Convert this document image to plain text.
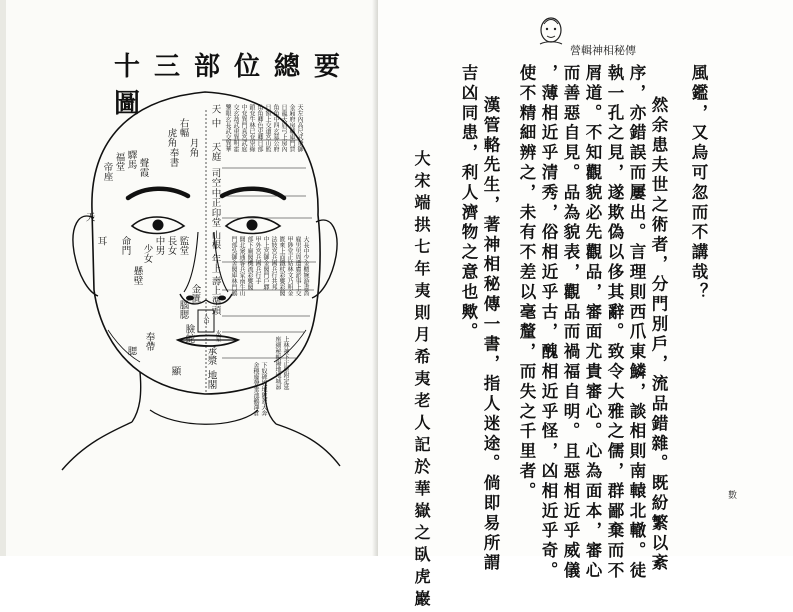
十三部位總要圖	天
中
天庭
司空
中正
印堂
山根
年上
壽上
準頭
人中
水星
承漿
地閣
右輻
虎角
月角
奉書
驛馬
福堂 聲霞
帝座
命門 少女 中男 長女 監堂
懸壁
奉帶
腦腮
顯
臉蛇
金匱
腮
耳
天
天左內高尺武輦御
金廂府房輔庫門賈
日龍天眉弓上房內
角角中四玄幕公府
日額上交道宮山監
角角卿色吏卿日部
鎖兗牛林已兗崇綠
中兗巽門真宮武庭
交玄劫武重巽明霍
鑒眼玄長武交巽華
大長中少金櫃婉游書嗇
雇男男周遭膚淤事上交
甲陟堂正姑林文乃明金
匱來上面鐵杖彩甕彩閣
法妓宮兵國兵行共邦
中上宮御金閣門戶驛
甲外宮兵國兵行手
部下廟閣機流彩甕閣
開北衆通客兵家南生山
門部吳御舍閣庫林門鵝
上林神下正原附定延
座細秘帳陽地地城昴
下奴碑坂地陂蓋大奔
舍稷廢聲垂池鵝澤倉
營輯神相秘傳
風鑑，又烏可忽而不講哉？
然余患夫世之術者，分門別戶，流品錯雜。既紛繁以紊
序，亦錯誤而屢出。言理則西爪東鱗，談相則南轅北轍。徒
執一孔之見，遂欺偽以侈其辭。致令大雅之儒，群鄙棄而不
屑道。不知觀貌必先觀品，審面尤貴審心。心為面本，審心
而善惡自見。品為貌表，觀品而禍福自明。且惡相近乎威儀
，薄相近乎清秀，俗相近乎古，醜相近乎怪，凶相近乎奇。
使不精細辨之，未有不差以毫釐，而失之千里者。
漢管輅先生，著神相秘傳一書，指人迷途。倘即易所謂
吉凶同患，利人濟物之意也歟。
大宋端拱七年夷則月希夷老人記於華嶽之臥虎巖	數
